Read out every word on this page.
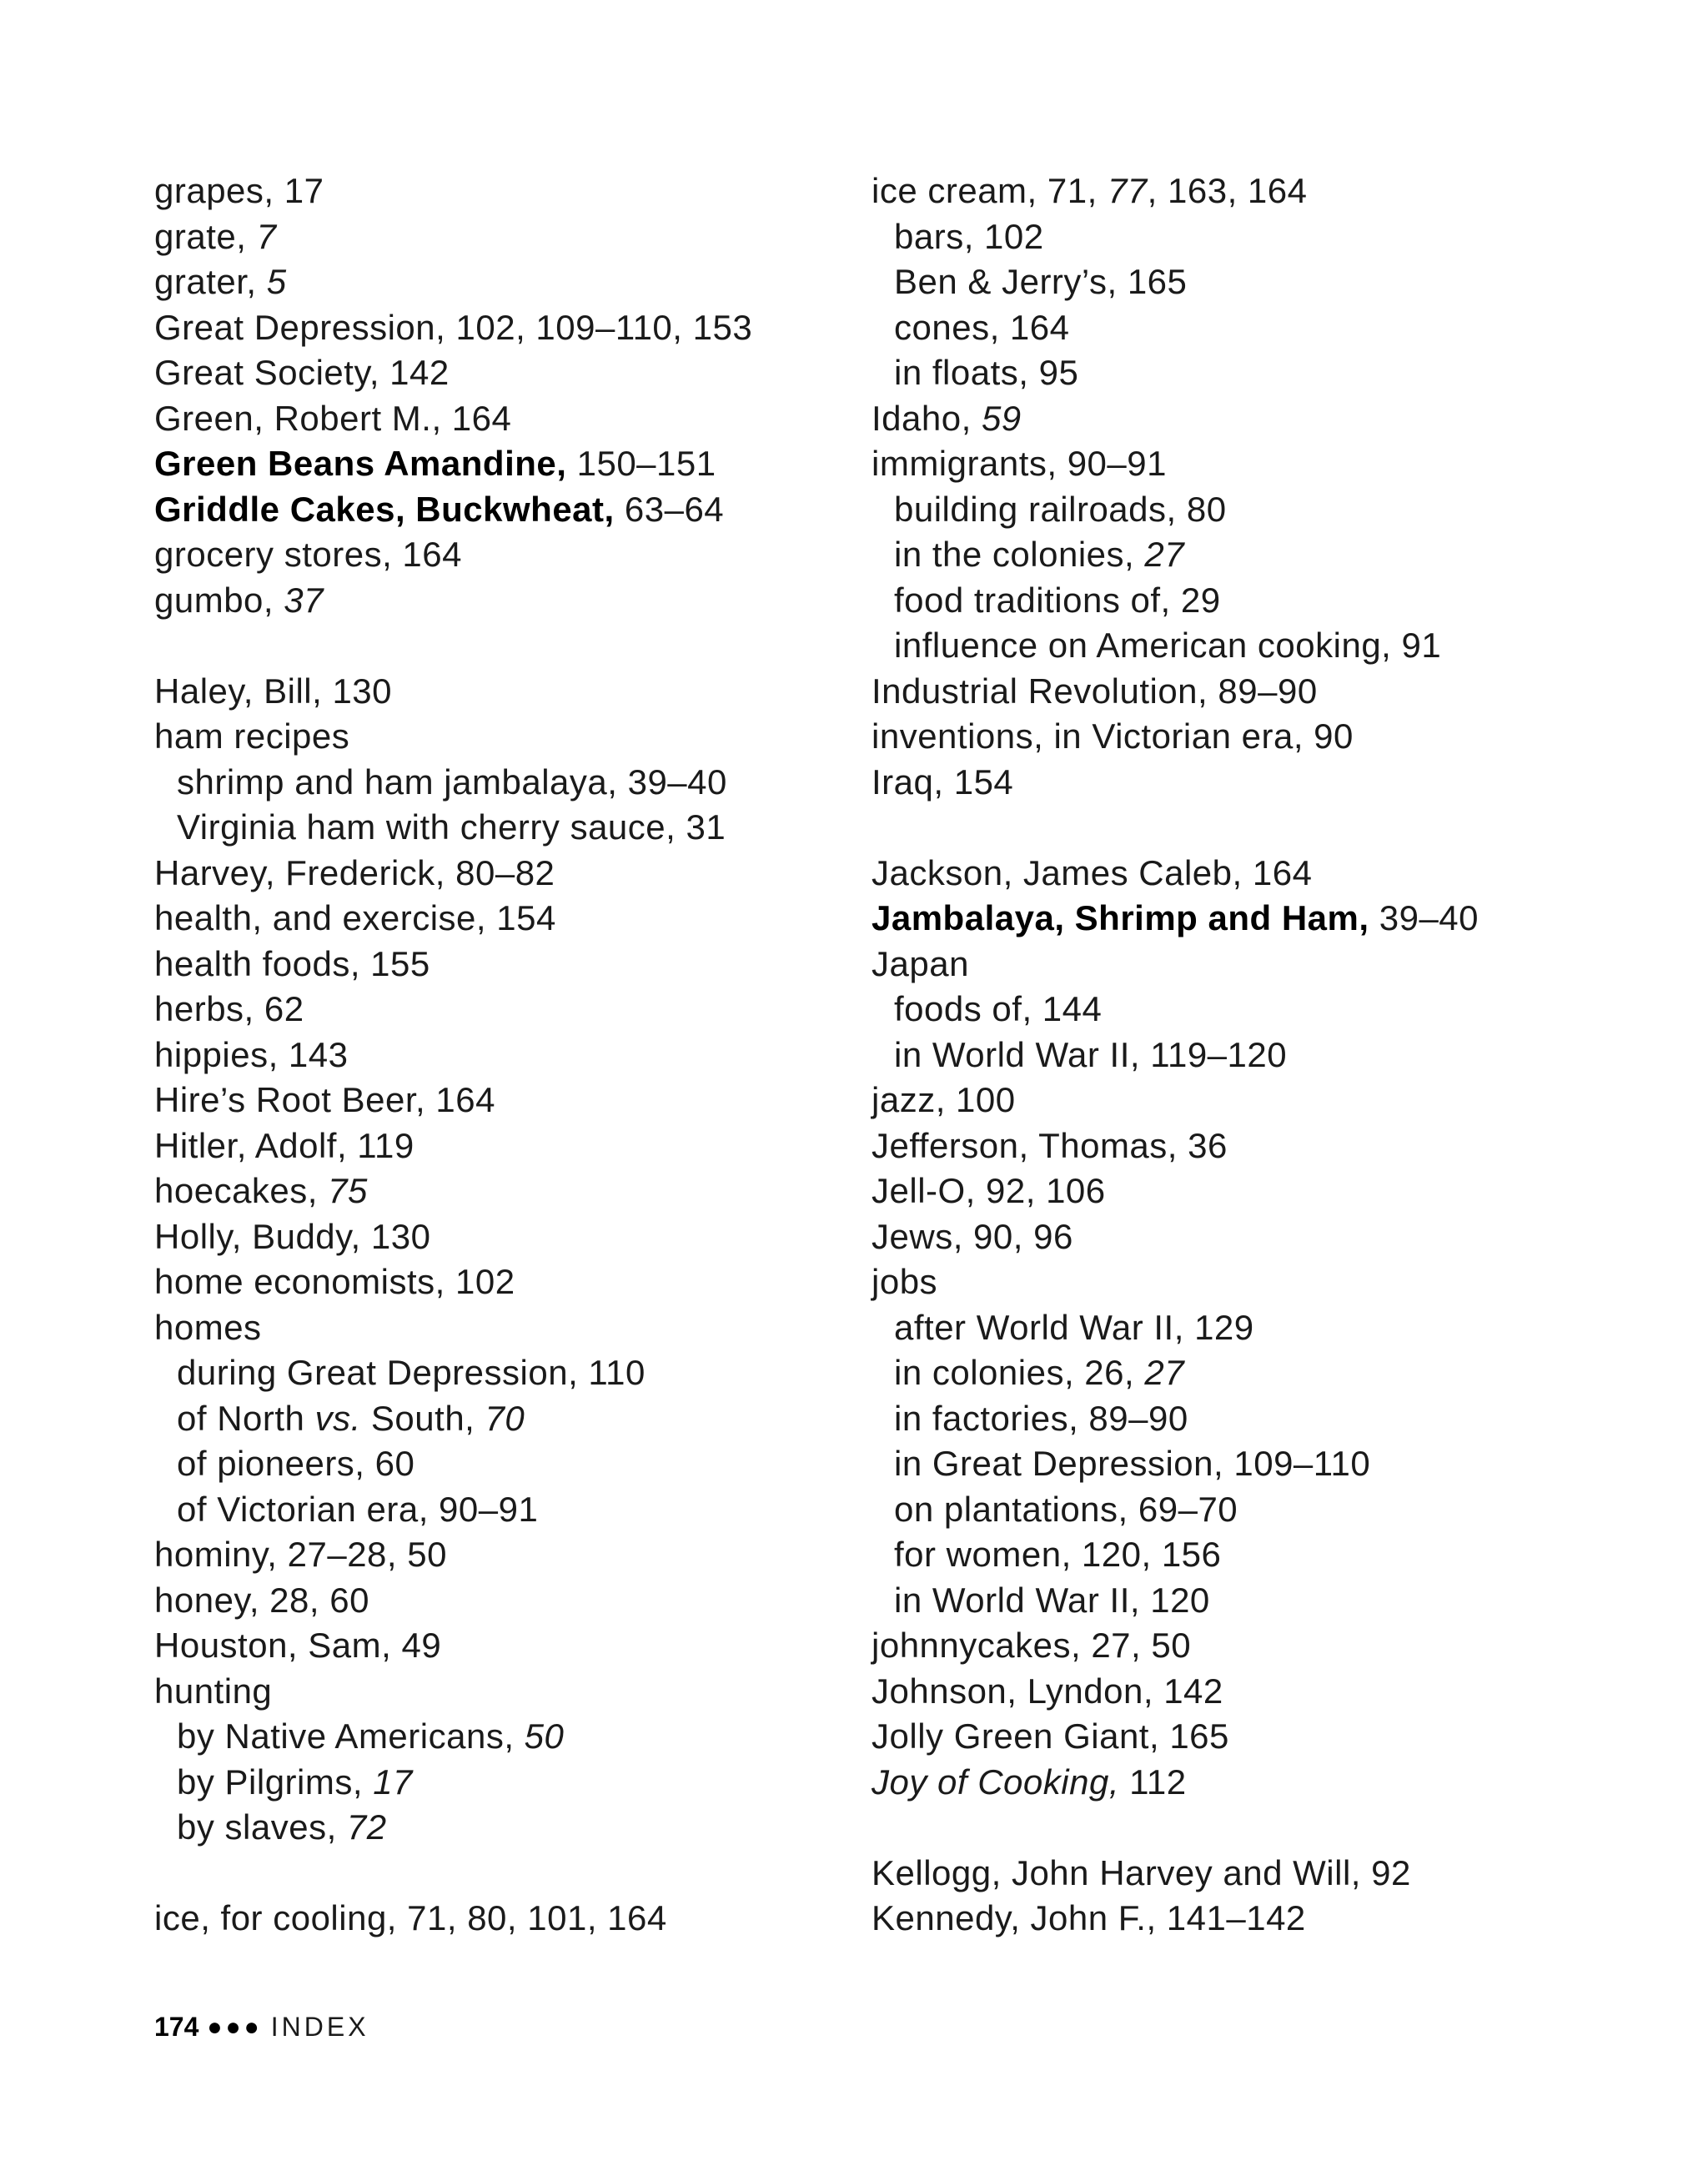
grapes, 17
grate, 7
grater, 5
Great Depression, 102, 109–110, 153
Great Society, 142
Green, Robert M., 164
Green Beans Amandine, 150–151
Griddle Cakes, Buckwheat, 63–64
grocery stores, 164
gumbo, 37
Haley, Bill, 130
ham recipes
shrimp and ham jambalaya, 39–40
Virginia ham with cherry sauce, 31
Harvey, Frederick, 80–82
health, and exercise, 154
health foods, 155
herbs, 62
hippies, 143
Hire’s Root Beer, 164
Hitler, Adolf, 119
hoecakes, 75
Holly, Buddy, 130
home economists, 102
homes
during Great Depression, 110
of North vs. South, 70
of pioneers, 60
of Victorian era, 90–91
hominy, 27–28, 50
honey, 28, 60
Houston, Sam, 49
hunting
by Native Americans, 50
by Pilgrims, 17
by slaves, 72
ice, for cooling, 71, 80, 101, 164
ice cream, 71, 77, 163, 164
bars, 102
Ben & Jerry’s, 165
cones, 164
in floats, 95
Idaho, 59
immigrants, 90–91
building railroads, 80
in the colonies, 27
food traditions of, 29
influence on American cooking, 91
Industrial Revolution, 89–90
inventions, in Victorian era, 90
Iraq, 154
Jackson, James Caleb, 164
Jambalaya, Shrimp and Ham, 39–40
Japan
foods of, 144
in World War II, 119–120
jazz, 100
Jefferson, Thomas, 36
Jell-O, 92, 106
Jews, 90, 96
jobs
after World War II, 129
in colonies, 26, 27
in factories, 89–90
in Great Depression, 109–110
on plantations, 69–70
for women, 120, 156
in World War II, 120
johnnycakes, 27, 50
Johnson, Lyndon, 142
Jolly Green Giant, 165
Joy of Cooking, 112
Kellogg, John Harvey and Will, 92
Kennedy, John F., 141–142
174 ●●● INDEX
